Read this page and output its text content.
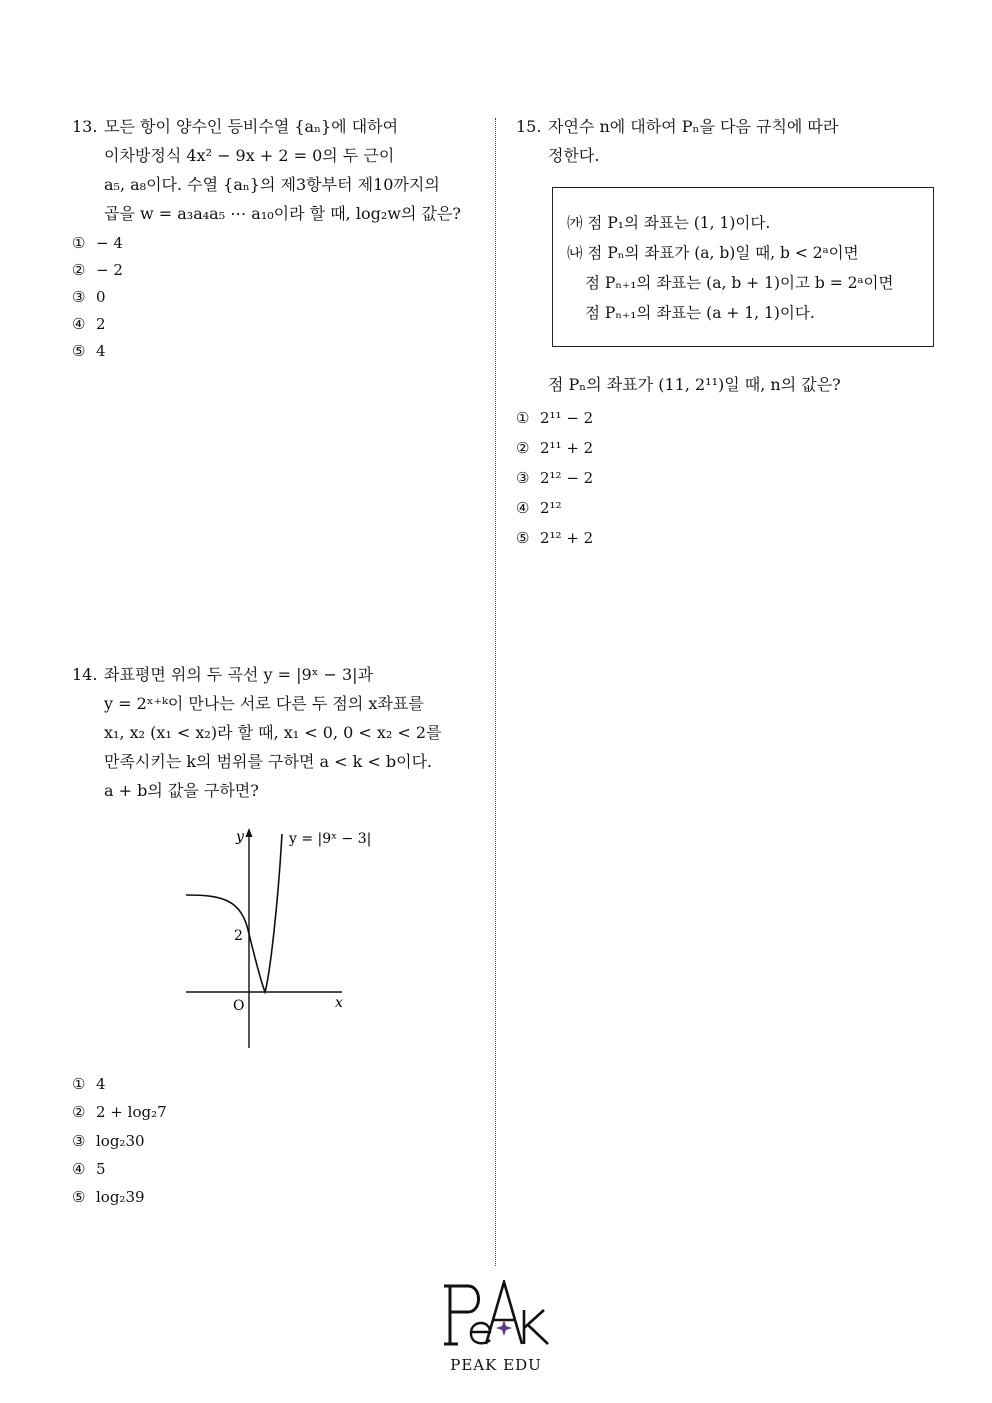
13. 모든 항이 양수인 등비수열 {aₙ}에 대하여
이차방정식 4x² − 9x + 2 = 0의 두 근이
a₅, a₈이다. 수열 {aₙ}의 제3항부터 제10까지의
곱을 w = a₃a₄a₅ ⋯ a₁₀이라 할 때, log₂w의 값은?
① − 4
② − 2
③ 0
④ 2
⑤ 4
14. 좌표평면 위의 두 곡선 y = |9ˣ − 3|과
y = 2ˣ⁺ᵏ이 만나는 서로 다른 두 점의 x좌표를
x₁, x₂ (x₁ < x₂)라 할 때, x₁ < 0, 0 < x₂ < 2를
만족시키는 k의 범위를 구하면 a < k < b이다.
a + b의 값을 구하면?
y
x
O
2
y = |9ˣ − 3|
① 4
② 2 + log₂7
③ log₂30
④ 5
⑤ log₂39
15. 자연수 n에 대하여 Pₙ을 다음 규칙에 따라
정한다.
㈎ 점 P₁의 좌표는 (1, 1)이다.
㈏ 점 Pₙ의 좌표가 (a, b)일 때, b < 2ᵃ이면
점 Pₙ₊₁의 좌표는 (a, b + 1)이고 b = 2ᵃ이면
점 Pₙ₊₁의 좌표는 (a + 1, 1)이다.
점 Pₙ의 좌표가 (11, 2¹¹)일 때, n의 값은?
① 2¹¹ − 2
② 2¹¹ + 2
③ 2¹² − 2
④ 2¹²
⑤ 2¹² + 2
PEAK EDU
